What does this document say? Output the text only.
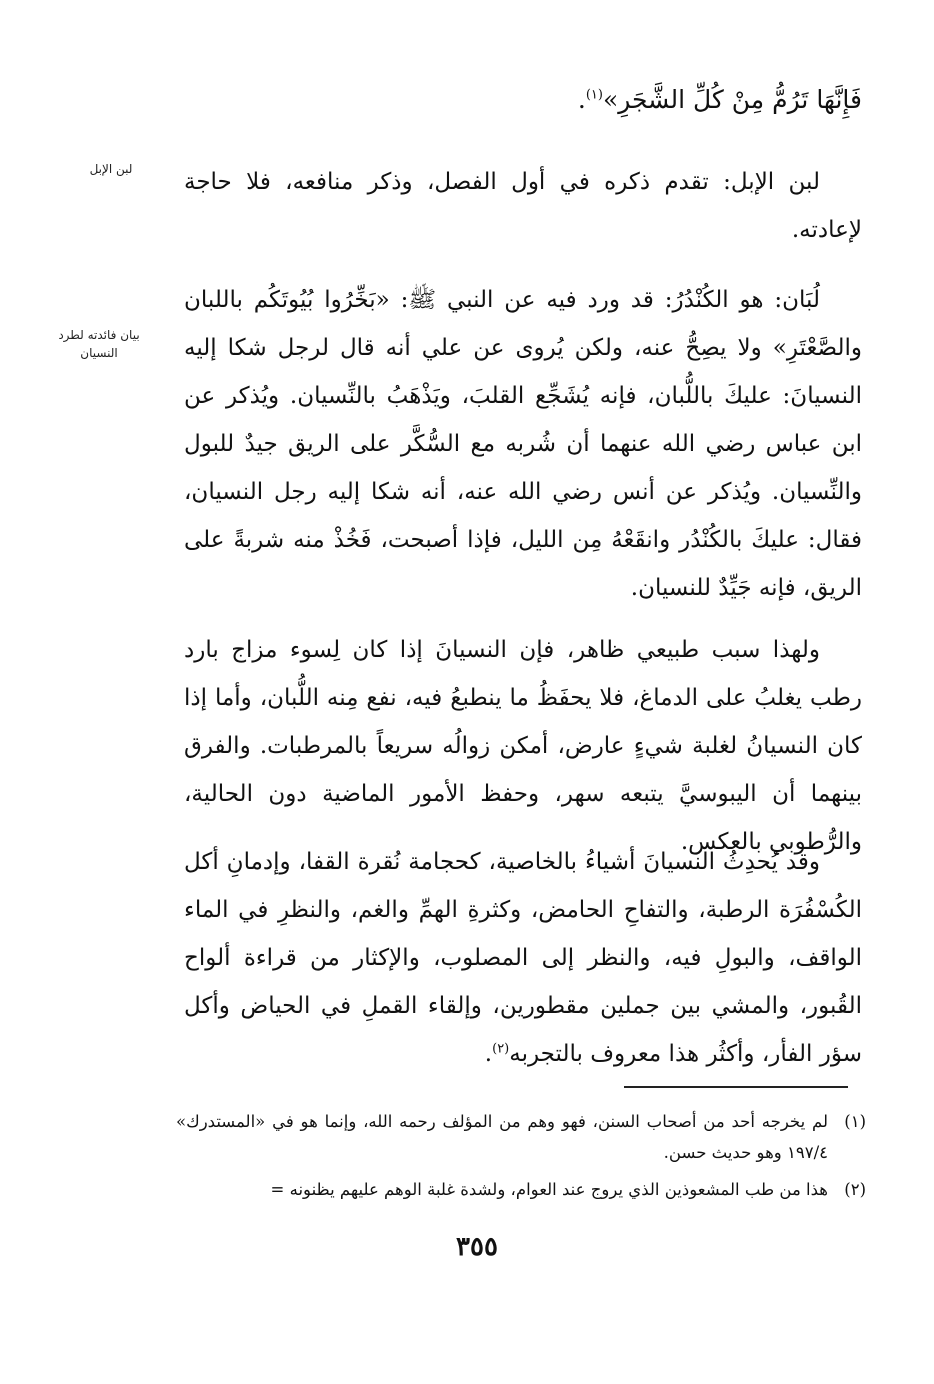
لبن الإبل
بيان فائدته لطرد النسيان

فَإِنَّهَا تَرُمُّ مِنْ كُلِّ الشَّجَرِ»$^{(١)}$.

لبن الإبل: تقدم ذكره في أول الفصل، وذكر منافعه، فلا حاجة لإعادته.

لُبَان: هو الكُنْدُرُ: قد ورد فيه عن النبي ﷺ: «بَخِّرُوا بُيُوتَكُم باللبان والصَّعْتَرِ» ولا يصِحُّ عنه، ولكن يُروى عن علي أنه قال لرجل شكا إليه النسيانَ: عليكَ باللُّبان، فإنه يُشَجِّع القلبَ، ويَذْهَبُ بالنِّسيان. ويُذكر عن ابن عباس رضي الله عنهما أن شُربه مع السُّكَّر على الريق جيدٌ للبول والنِّسيان. ويُذكر عن أنس رضي الله عنه، أنه شكا إليه رجل النسيان، فقال: عليكَ بالكُنْدُر وانقَعْهُ مِن الليل، فإذا أصبحت، فَخُذْ منه شربةً على الريق، فإنه جَيِّدٌ للنسيان.

ولهذا سبب طبيعي ظاهر، فإن النسيانَ إذا كان لِسوء مزاج بارد رطب يغلبُ على الدماغ، فلا يحفَظُ ما ينطبعُ فيه، نفع مِنه اللُّبان، وأما إذا كان النسيانُ لغلبة شيءٍ عارض، أمكن زوالُه سريعاً بالمرطبات. والفرق بينهما أن اليبوسيَّ يتبعه سهر، وحفظ الأمور الماضية دون الحالية، والرُّطوبي بالعكس.

وقد يُحدِثُ النسيانَ أشياءُ بالخاصية، كحجامة نُقرة القفا، وإدمانِ أكل الكُسْفُرَة الرطبة، والتفاحِ الحامض، وكثرةِ الهمِّ والغم، والنظرِ في الماء الواقف، والبولِ فيه، والنظر إلى المصلوب، والإكثار من قراءة ألواح القُبور، والمشي بين جملين مقطورين، وإلقاء القملِ في الحياض وأكل سؤر الفأر، وأكثُر هذا معروف بالتجربه$^{(٢)}$.

(١)
لم يخرجه أحد من أصحاب السنن، فهو وهم من المؤلف رحمه الله، وإنما هو في «المستدرك» ١٩٧/٤ وهو حديث حسن.
(٢)
هذا من طب المشعوذين الذي يروج عند العوام، ولشدة غلبة الوهم عليهم يظنونه =
٣٥٥
